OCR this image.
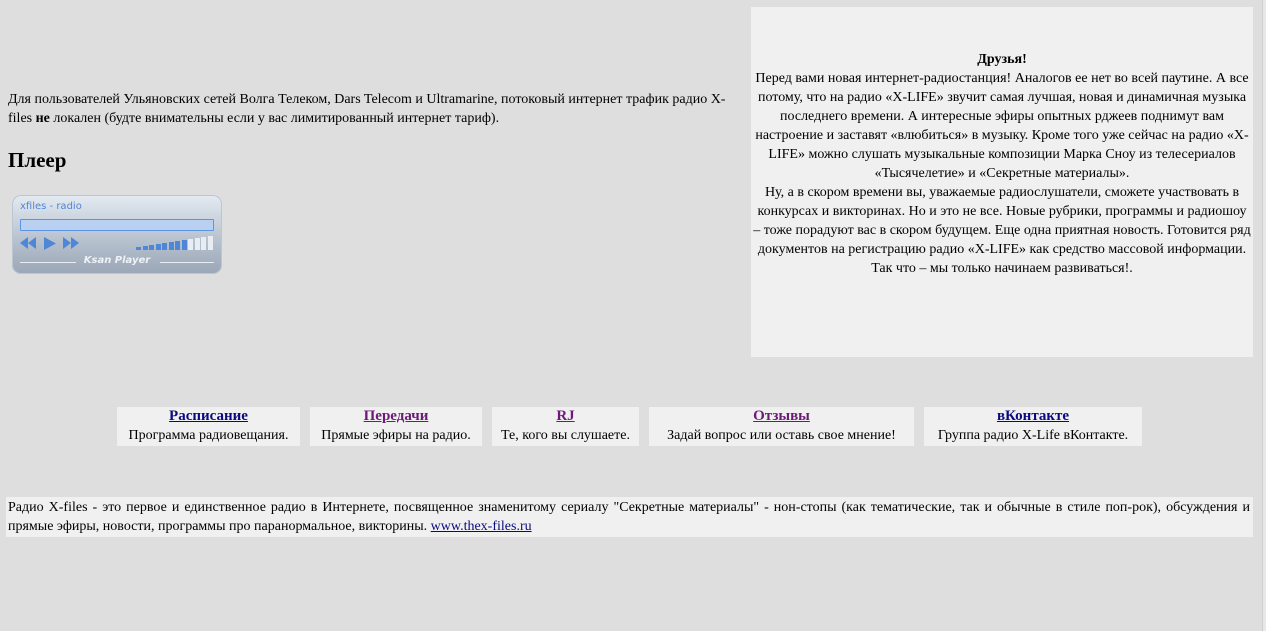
Для пользователей Ульяновских сетей Волга Телеком, Dars Telecom и Ultramarine, потоковый интернет трафик радио X-files не локален (будте внимательны если у вас лимитированный интернет тариф).
Плеер
xfiles - radio
Ksan Player
Друзья!
Перед вами новая интернет-радиостанция! Аналогов ее нет во всей паутине. А все потому, что на радио «X-LIFE» звучит самая лучшая, новая и динамичная музыка последнего времени. А интересные эфиры опытных рджеев поднимут вам настроение и заставят «влюбиться» в музыку. Кроме того уже сейчас на радио «X-LIFE» можно слушать музыкальные композиции Марка Сноу из телесериалов «Тысячелетие» и «Секретные материалы».
Ну, а в скором времени вы, уважаемые радиослушатели, сможете участвовать в конкурсах и викторинах. Но и это не все. Новые рубрики, программы и радиошоу – тоже порадуют вас в скором будущем. Еще одна приятная новость. Готовится ряд документов на регистрацию радио «X-LIFE» как средство массовой информации. Так что – мы только начинаем развиваться!.
Расписание
Программа радиовещания.
Передачи
Прямые эфиры на радио.
RJ
Те, кого вы слушаете.
Отзывы
Задай вопрос или оставь свое мнение!
вКонтакте
Группа радио X-Life вКонтакте.
Радио X-files - это первое и единственное радио в Интернете, посвященное знаменитому сериалу "Секретные материалы" - нон-стопы (как тематические, так и обычные в стиле поп-рок), обсуждения и прямые эфиры, новости, программы про паранормальное, викторины. www.thex-files.ru
